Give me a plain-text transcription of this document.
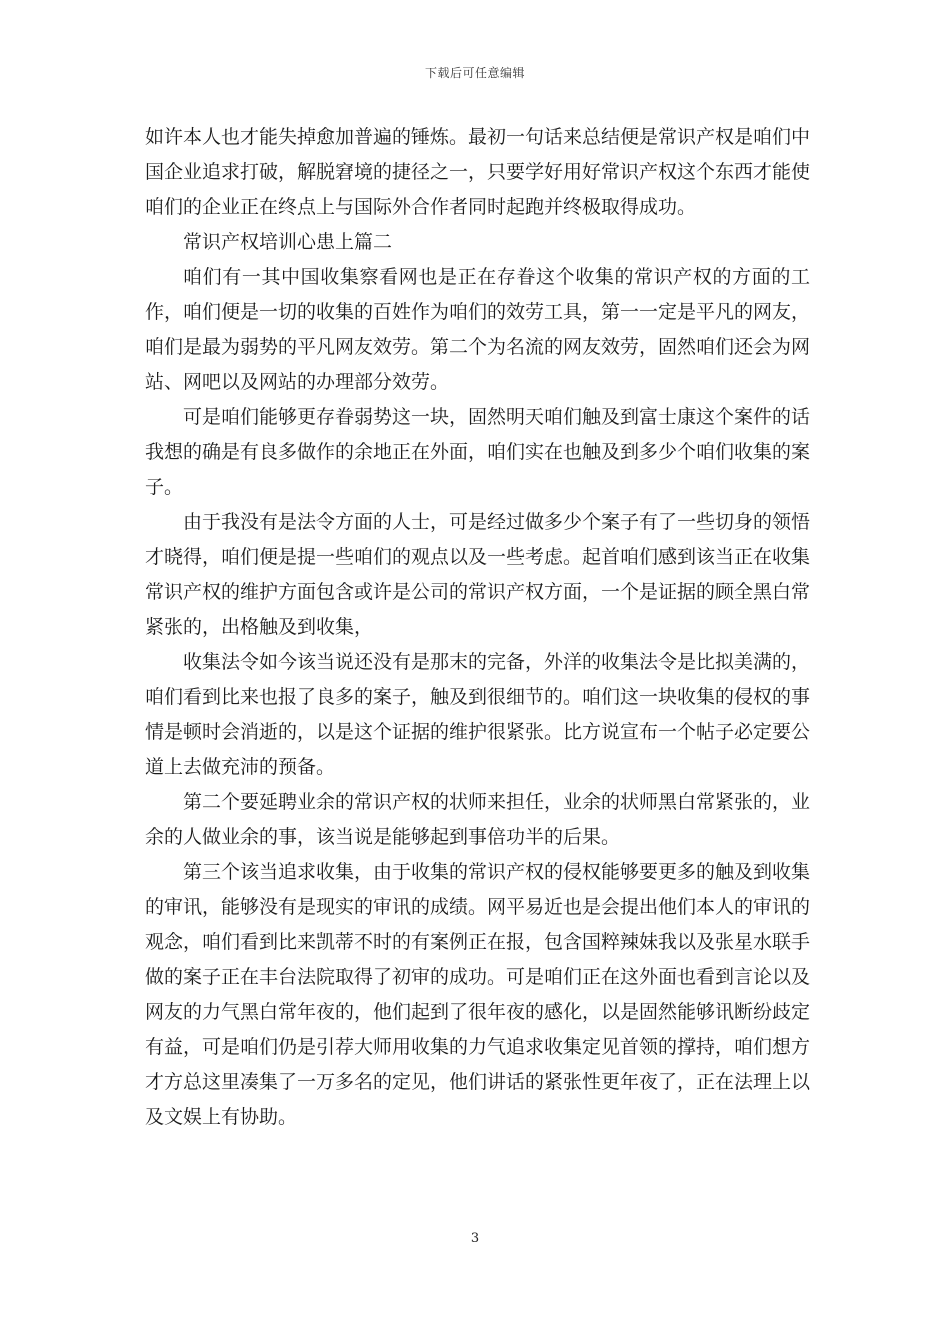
下载后可任意编辑

如许本人也才能失掉愈加普遍的锤炼。最初一句话来总结便是常识产权是咱们中国企业追求打破，解脱窘境的捷径之一，只要学好用好常识产权这个东西才能使咱们的企业正在终点上与国际外合作者同时起跑并终极取得成功。

常识产权培训心患上篇二

咱们有一其中国收集察看网也是正在存眷这个收集的常识产权的方面的工作，咱们便是一切的收集的百姓作为咱们的效劳工具，第一一定是平凡的网友，咱们是最为弱势的平凡网友效劳。第二个为名流的网友效劳，固然咱们还会为网站、网吧以及网站的办理部分效劳。

可是咱们能够更存眷弱势这一块，固然明天咱们触及到富士康这个案件的话我想的确是有良多做作的余地正在外面，咱们实在也触及到多少个咱们收集的案子。

由于我没有是法令方面的人士，可是经过做多少个案子有了一些切身的领悟才晓得，咱们便是提一些咱们的观点以及一些考虑。起首咱们感到该当正在收集常识产权的维护方面包含或许是公司的常识产权方面，一个是证据的顾全黑白常紧张的，出格触及到收集，

收集法令如今该当说还没有是那末的完备，外洋的收集法令是比拟美满的，咱们看到比来也报了良多的案子，触及到很细节的。咱们这一块收集的侵权的事情是顿时会消逝的，以是这个证据的维护很紧张。比方说宣布一个帖子必定要公道上去做充沛的预备。

第二个要延聘业余的常识产权的状师来担任，业余的状师黑白常紧张的，业余的人做业余的事，该当说是能够起到事倍功半的后果。

第三个该当追求收集，由于收集的常识产权的侵权能够要更多的触及到收集的审讯，能够没有是现实的审讯的成绩。网平易近也是会提出他们本人的审讯的观念，咱们看到比来凯蒂不时的有案例正在报，包含国粹辣妹我以及张星水联手做的案子正在丰台法院取得了初审的成功。可是咱们正在这外面也看到言论以及网友的力气黑白常年夜的，他们起到了很年夜的感化，以是固然能够讯断纷歧定有益，可是咱们仍是引荐大师用收集的力气追求收集定见首领的撑持，咱们想方才方总这里凑集了一万多名的定见，他们讲话的紧张性更年夜了，正在法理上以及文娱上有协助。

3
